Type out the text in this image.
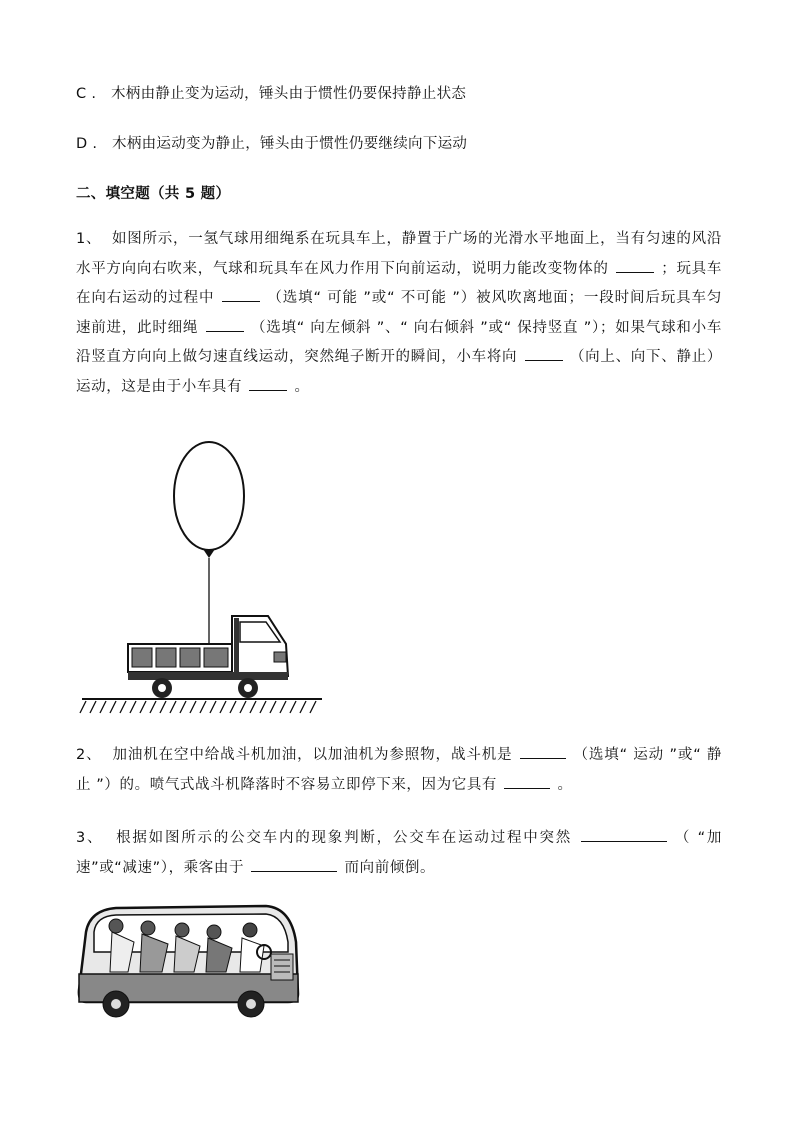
C . 木柄由静止变为运动，锤头由于惯性仍要保持静止状态
D . 木柄由运动变为静止，锤头由于惯性仍要继续向下运动
二、填空题（共 5 题）
1、 如图所示，一氢气球用细绳系在玩具车上，静置于广场的光滑水平地面上，当有匀速的风沿水平方向向右吹来，气球和玩具车在风力作用下向前运动，说明力能改变物体的	；玩具车在向右运动的过程中	（选填“ 可能 ”或“ 不可能 ”）被风吹离地面；一段时间后玩具车匀速前进，此时细绳	（选填“ 向左倾斜 ”、“ 向右倾斜 ”或“ 保持竖直 ”）；如果气球和小车沿竖直方向向上做匀速直线运动，突然绳子断开的瞬间，小车将向	（向上、向下、静止）运动，这是由于小车具有	。
2、 加油机在空中给战斗机加油，以加油机为参照物，战斗机是	（选填“ 运动 ”或“ 静止 ”）的。喷气式战斗机降落时不容易立即停下来，因为它具有	。
3、 根据如图所示的公交车内的现象判断，公交车在运动过程中突然	（ “加速”或“减速”），乘客由于	而向前倾倒。
